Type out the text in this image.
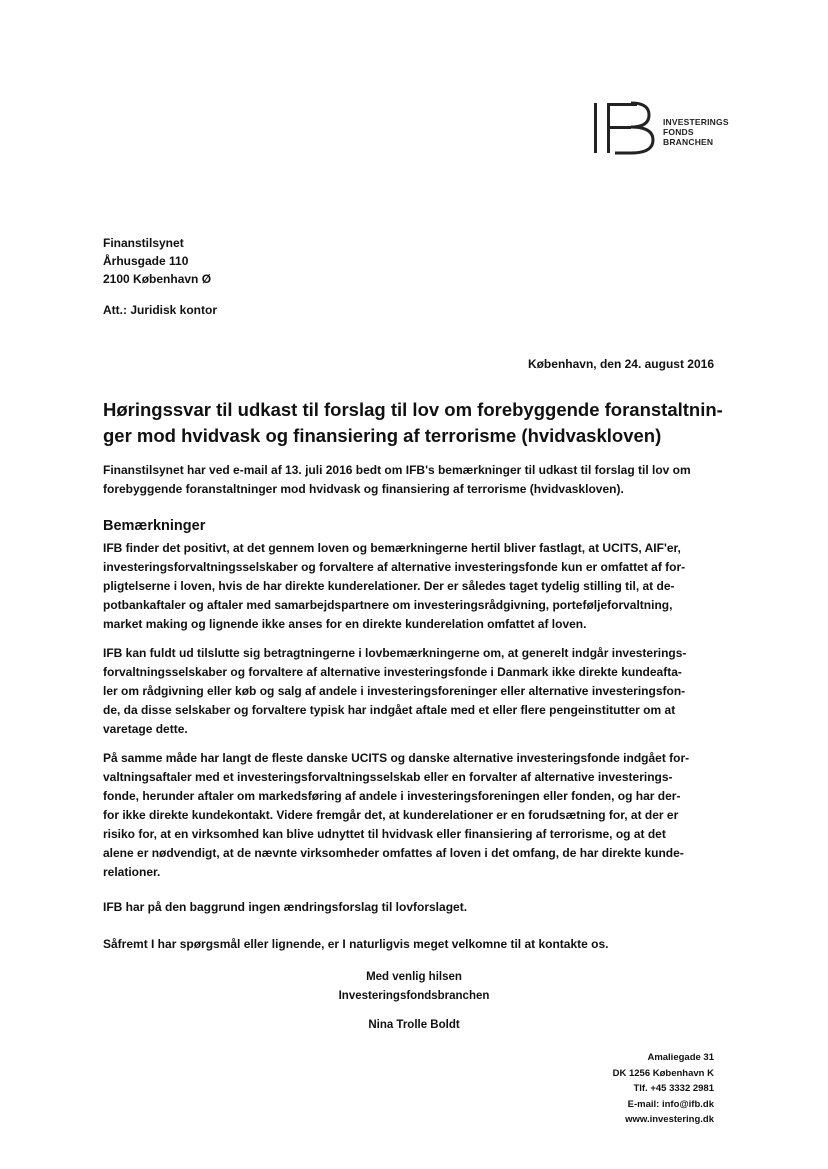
INVESTERINGS
FONDS
BRANCHEN
Finanstilsynet
Århusgade 110
2100 København Ø
Att.: Juridisk kontor
København, den 24. august 2016
Høringssvar til udkast til forslag til lov om forebyggende foranstaltnin-
ger mod hvidvask og finansiering af terrorisme (hvidvaskloven)
Finanstilsynet har ved e-mail af 13. juli 2016 bedt om IFB's bemærkninger til udkast til forslag til lov om
forebyggende foranstaltninger mod hvidvask og finansiering af terrorisme (hvidvaskloven).
Bemærkninger
IFB finder det positivt, at det gennem loven og bemærkningerne hertil bliver fastlagt, at UCITS, AIF'er,
investeringsforvaltningsselskaber og forvaltere af alternative investeringsfonde kun er omfattet af for-
pligtelserne i loven, hvis de har direkte kunderelationer. Der er således taget tydelig stilling til, at de-
potbankaftaler og aftaler med samarbejdspartnere om investeringsrådgivning, porteføljeforvaltning,
market making og lignende ikke anses for en direkte kunderelation omfattet af loven.
IFB kan fuldt ud tilslutte sig betragtningerne i lovbemærkningerne om, at generelt indgår investerings-
forvaltningsselskaber og forvaltere af alternative investeringsfonde i Danmark ikke direkte kundeafta-
ler om rådgivning eller køb og salg af andele i investeringsforeninger eller alternative investeringsfon-
de, da disse selskaber og forvaltere typisk har indgået aftale med et eller flere pengeinstitutter om at
varetage dette.
På samme måde har langt de fleste danske UCITS og danske alternative investeringsfonde indgået for-
valtningsaftaler med et investeringsforvaltningsselskab eller en forvalter af alternative investerings-
fonde, herunder aftaler om markedsføring af andele i investeringsforeningen eller fonden, og har der-
for ikke direkte kundekontakt. Videre fremgår det, at kunderelationer er en forudsætning for, at der er
risiko for, at en virksomhed kan blive udnyttet til hvidvask eller finansiering af terrorisme, og at det
alene er nødvendigt, at de nævnte virksomheder omfattes af loven i det omfang, de har direkte kunde-
relationer.
IFB har på den baggrund ingen ændringsforslag til lovforslaget.
Såfremt I har spørgsmål eller lignende, er I naturligvis meget velkomne til at kontakte os.
Med venlig hilsen
Investeringsfondsbranchen
Nina Trolle Boldt
Amaliegade 31
DK 1256 København K
Tlf. +45 3332 2981
E-mail: info@ifb.dk
www.investering.dk
